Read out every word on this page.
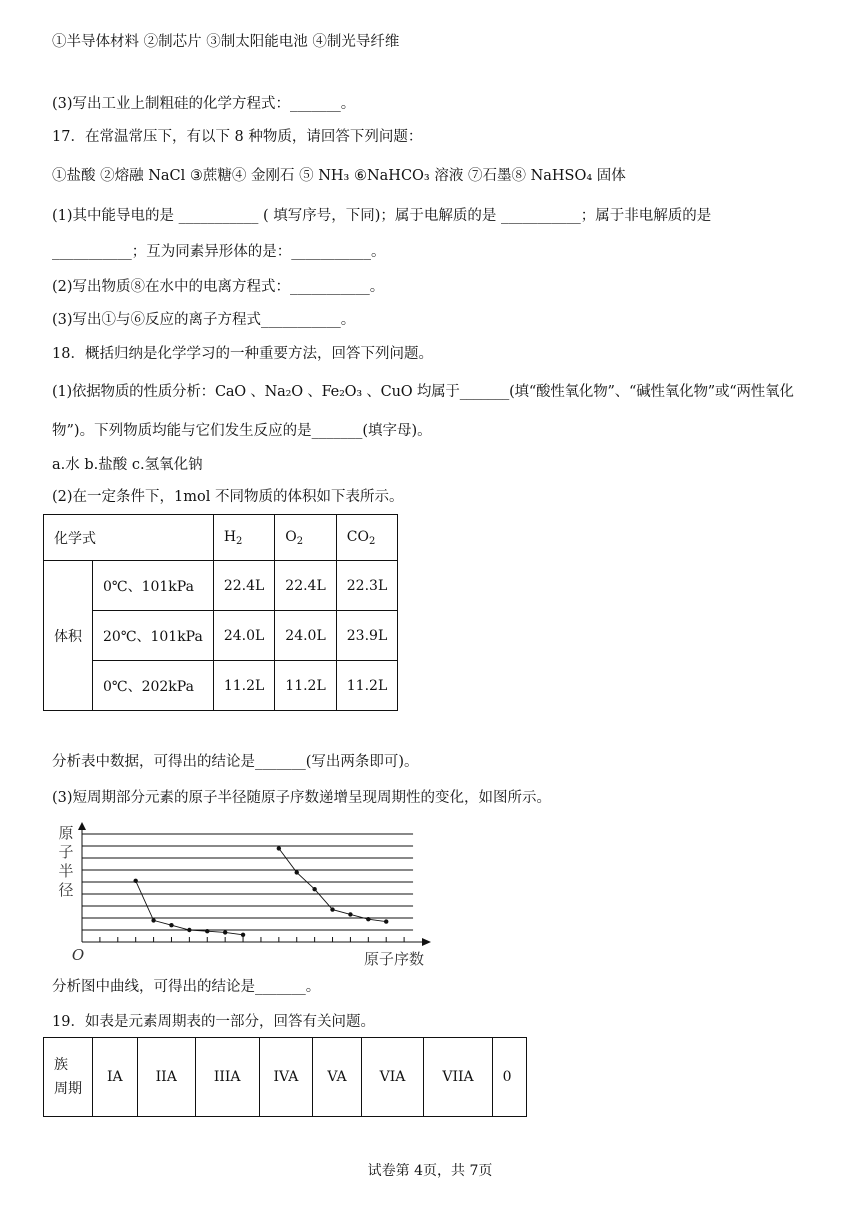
①半导体材料 ②制芯片 ③制太阳能电池 ④制光导纤维
(3)写出工业上制粗硅的化学方程式：_______。
17．在常温常压下，有以下 8 种物质，请回答下列问题：
①盐酸 ②熔融 NaCl ③蔗糖④ 金刚石 ⑤ NH₃ ⑥NaHCO₃ 溶液 ⑦石墨⑧ NaHSO₄ 固体
(1)其中能导电的是 ___________ ( 填写序号，下同)；属于电解质的是 ___________；属于非电解质的是
___________；互为同素异形体的是：___________。
(2)写出物质⑧在水中的电离方程式：___________。
(3)写出①与⑥反应的离子方程式___________。
18．概括归纳是化学学习的一种重要方法，回答下列问题。
(1)依据物质的性质分析：CaO 、Na₂O 、Fe₂O₃ 、CuO 均属于_______(填“酸性氧化物”、“碱性氧化物”或“两性氧化
物”)。下列物质均能与它们发生反应的是_______(填字母)。
a.水 b.盐酸 c.氢氧化钠
(2)在一定条件下，1mol 不同物质的体积如下表所示。
化学式		$H_2$	$O_2$	$CO_2$
体积	0℃、101kPa	22.4L	22.4L	22.3L
	20℃、101kPa	24.0L	24.0L	23.9L
	0℃、202kPa	11.2L	11.2L	11.2L
分析表中数据，可得出的结论是_______(写出两条即可)。
(3)短周期部分元素的原子半径随原子序数递增呈现周期性的变化，如图所示。
原
子
半
径
O	原子序数
分析图中曲线，可得出的结论是_______。
19．如表是元素周期表的一部分，回答有关问题。
族
周期
	IA	IIA	IIIA	IVA	VA	VIA	VIIA	0
试卷第 4页，共 7页
